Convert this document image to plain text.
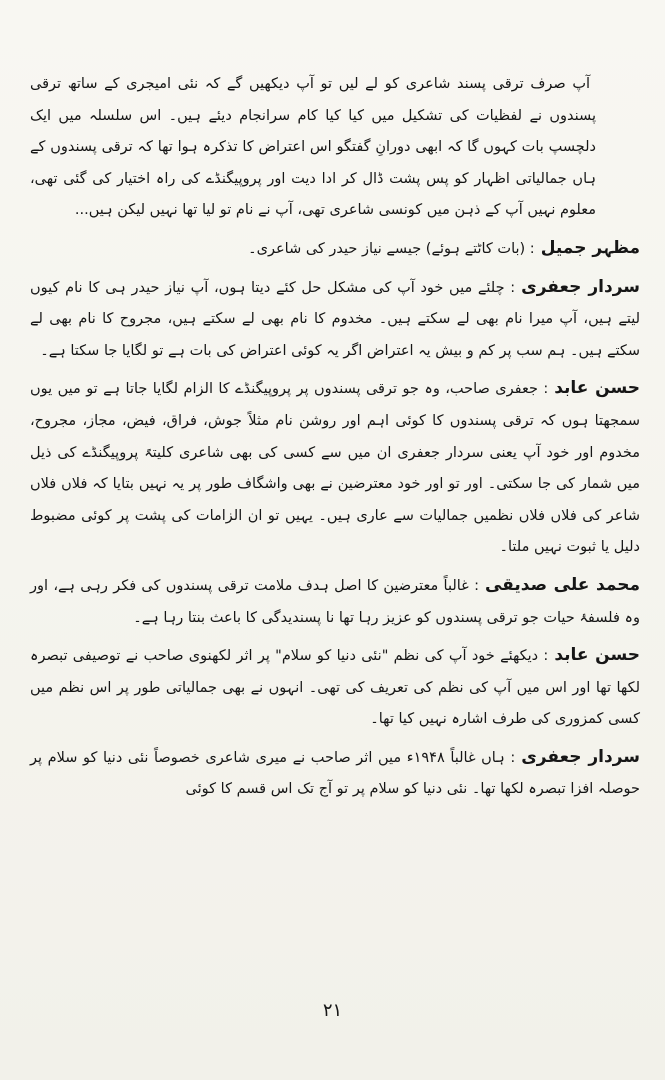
آپ صرف ترقی پسند شاعری کو لے لیں تو آپ دیکھیں گے کہ نئی امیجری کے ساتھ ترقی پسندوں نے لفظیات کی تشکیل میں کیا کیا کام سرانجام دیئے ہیں۔ اس سلسلہ میں ایک دلچسپ بات کہوں گا کہ ابھی دورانِ گفتگو اس اعتراض کا تذکرہ ہوا تھا کہ ترقی پسندوں کے ہاں جمالیاتی اظہار کو پس پشت ڈال کر ادا دیت اور پروپیگنڈے کی راہ اختیار کی گئی تھی، معلوم نہیں آپ کے ذہن میں کونسی شاعری تھی، آپ نے نام تو لیا تھا نہیں لیکن ہیں...

مظہر جمیل: (بات کاٹتے ہوئے) جیسے نیاز حیدر کی شاعری۔

سردار جعفری: چلئے میں خود آپ کی مشکل حل کئے دیتا ہوں، آپ نیاز حیدر ہی کا نام کیوں لیتے ہیں، آپ میرا نام بھی لے سکتے ہیں۔ مخدوم کا نام بھی لے سکتے ہیں، مجروح کا نام بھی لے سکتے ہیں۔ ہم سب پر کم و بیش یہ اعتراض اگر یہ کوئی اعتراض کی بات ہے تو لگایا جا سکتا ہے۔

حسن عابد: جعفری صاحب، وہ جو ترقی پسندوں پر پروپیگنڈے کا الزام لگایا جاتا ہے تو میں یوں سمجھتا ہوں کہ ترقی پسندوں کا کوئی اہم اور روشن نام مثلاً جوش، فراق، فیض، مجاز، مجروح، مخدوم اور خود آپ یعنی سردار جعفری ان میں سے کسی کی بھی شاعری کلیتہً پروپیگنڈے کی ذیل میں شمار کی جا سکتی۔ اور تو اور خود معترضین نے بھی واشگاف طور پر یہ نہیں بتایا کہ فلاں فلاں شاعر کی فلاں فلاں نظمیں جمالیات سے عاری ہیں۔ یہیں تو ان الزامات کی پشت پر کوئی مضبوط دلیل یا ثبوت نہیں ملتا۔

محمد علی صدیقی: غالباً معترضین کا اصل ہدف ملامت ترقی پسندوں کی فکر رہی ہے، اور وہ فلسفۂ حیات جو ترقی پسندوں کو عزیز رہا تھا نا پسندیدگی کا باعث بنتا رہا ہے۔

حسن عابد: دیکھئے خود آپ کی نظم "نئی دنیا کو سلام" پر اثر لکھنوی صاحب نے توصیفی تبصرہ لکھا تھا اور اس میں آپ کی نظم کی تعریف کی تھی۔ انہوں نے بھی جمالیاتی طور پر اس نظم میں کسی کمزوری کی طرف اشارہ نہیں کیا تھا۔

سردار جعفری: ہاں غالباً ۱۹۴۸ء میں اثر صاحب نے میری شاعری خصوصاً نئی دنیا کو سلام پر حوصلہ افزا تبصرہ لکھا تھا۔ نئی دنیا کو سلام پر تو آج تک اس قسم کا کوئی

۲۱
